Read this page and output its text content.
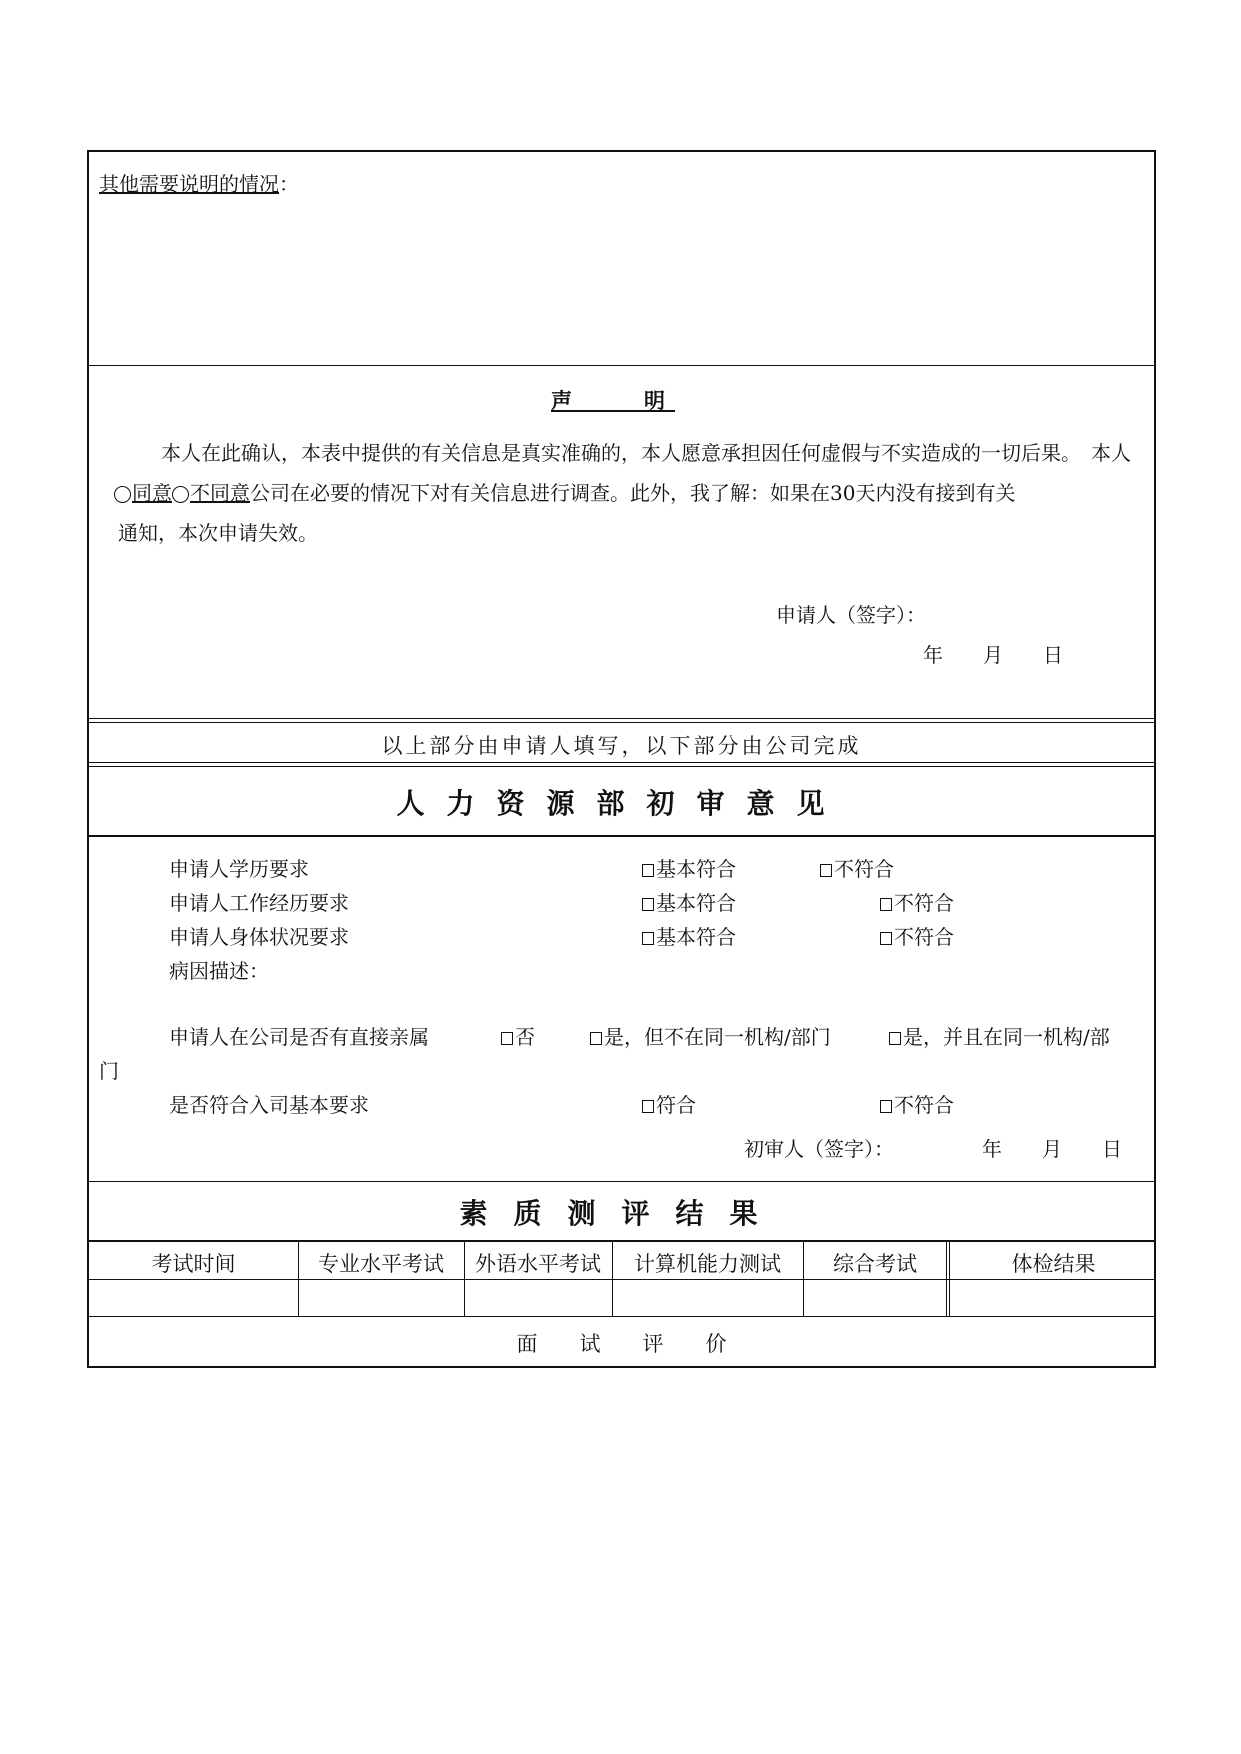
其他需要说明的情况：
声　　明
本人在此确认，本表中提供的有关信息是真实准确的，本人愿意承担因任何虚假与不实造成的一切后果。　本人
同意 不同意公司在必要的情况下对有关信息进行调查。此外，我了解：如果在30天内没有接到有关
通知，本次申请失效。
申请人（签字）：
年　　月　　日
以上部分由申请人填写，以下部分由公司完成
人力资源部初审意见
申请人学历要求	基本符合	不符合
申请人工作经历要求	基本符合	不符合
申请人身体状况要求	基本符合	不符合
病因描述：
申请人在公司是否有直接亲属	否	是，但不在同一机构/部门	是，并且在同一机构/部
门
是否符合入司基本要求	符合	不符合
初审人（签字）：	年　　月　　日
素质测评结果
考试时间	专业水平考试	外语水平考试	计算机能力测试	综合考试	体检结果
面　　试　　评　　价
